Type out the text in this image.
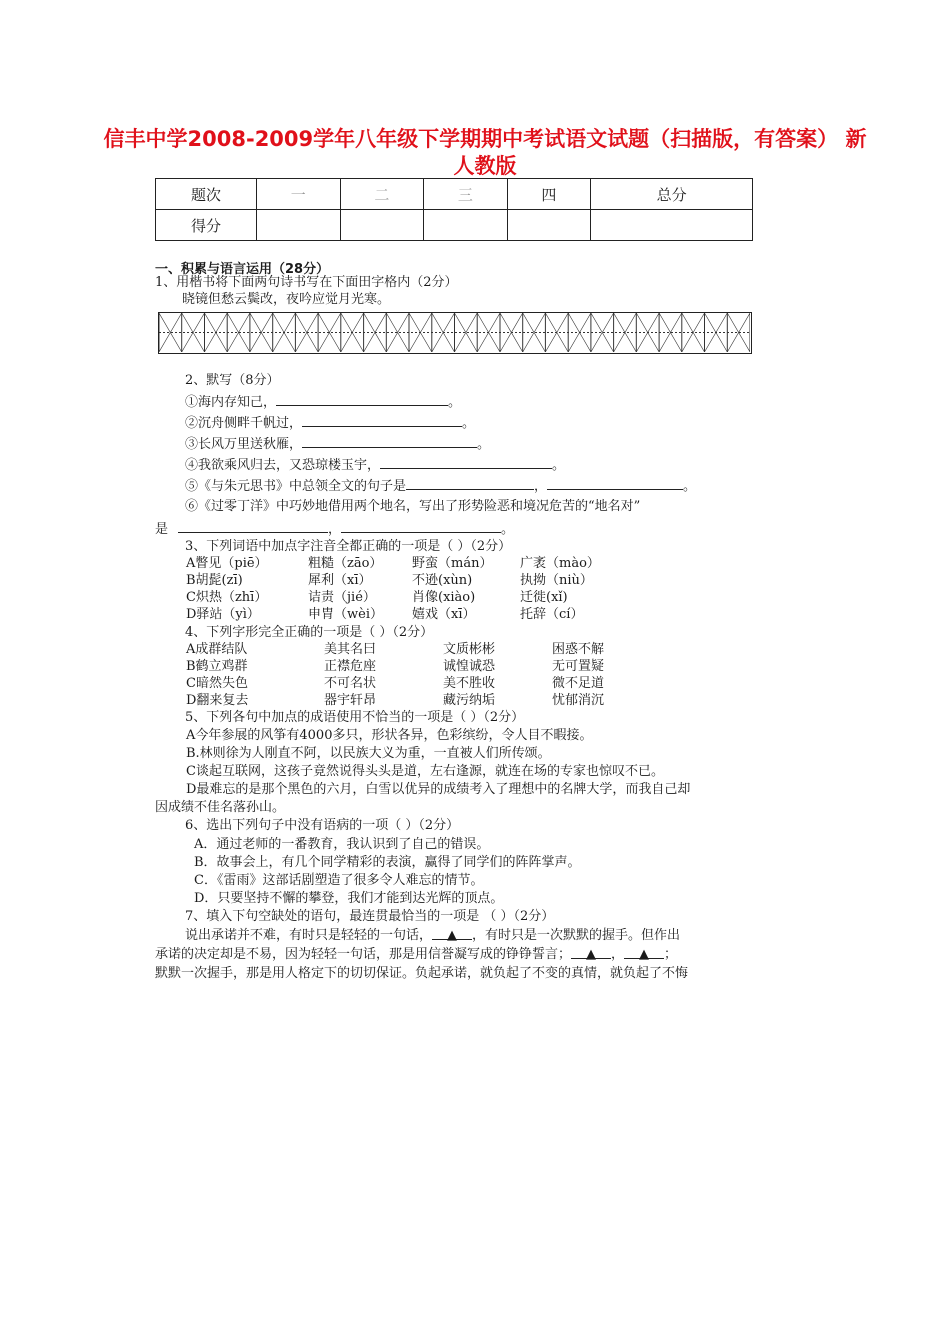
信丰中学2008-2009学年八年级下学期期中考试语文试题（扫描版，有答案） 新人教版
题次	一	二	三	四	总分
得分					
一、积累与语言运用（28分）
1、用楷书将下面两句诗书写在下面田字格内（2分）
晓镜但愁云鬓改，夜吟应觉月光寒。
2、默写（8分）
①海内存知己，	。
②沉舟侧畔千帆过，	。
③长风万里送秋雁，	。
④我欲乘风归去，又恐琼楼玉宇，	。
⑤《与朱元思书》中总领全文的句子是	，	。
⑥《过零丁洋》中巧妙地借用两个地名，写出了形势险恶和境况危苦的“地名对”
是	，	。
3、下列词语中加点字注音全都正确的一项是（ ）（2分）
A瞥见（piē）	粗糙（zāo） 野蛮（mán） 广袤（mào）
B胡髭(zī)	犀利（xī）	不逊(xùn)	执拗（niù）
C炽热（zhī）	诘责（jié）	肖像(xiào)	迁徙(xǐ)
D驿站（yì）	申胄（wèi） 嬉戏（xī）	托辞（cí）
4、下列字形完全正确的一项是（ ）（2分）
A成群结队	美其名曰	文质彬彬	困惑不解
B鹤立鸡群	正襟危座	诚惶诚恐	无可置疑
C暗然失色	不可名状	美不胜收	微不足道
D翻来复去	器宇轩昂	藏污纳垢	忧郁消沉
5、下列各句中加点的成语使用不恰当的一项是（ ）（2分）
A今年参展的风筝有4000多只，形状各异，色彩缤纷，令人目不暇接。
B.林则徐为人刚直不阿，以民族大义为重，一直被人们所传颂。
C谈起互联网，这孩子竟然说得头头是道，左右逢源，就连在场的专家也惊叹不已。
D最难忘的是那个黑色的六月，白雪以优异的成绩考入了理想中的名牌大学，而我自己却
因成绩不佳名落孙山。
6、选出下列句子中没有语病的一项（ ）（2分）
A．通过老师的一番教育，我认识到了自己的错误。
B．故事会上，有几个同学精彩的表演，赢得了同学们的阵阵掌声。
C．《雷雨》这部话剧塑造了很多令人难忘的情节。
D．只要坚持不懈的攀登，我们才能到达光辉的顶点。
7、填入下句空缺处的语句，最连贯最恰当的一项是 （ ）（2分）
说出承诺并不难，有时只是轻轻的一句话， ▲ ，有时只是一次默默的握手。但作出
承诺的决定却是不易，因为轻轻一句话，那是用信誉凝写成的铮铮誓言； ▲ ， ▲ ；
默默一次握手，那是用人格定下的切切保证。负起承诺，就负起了不变的真情，就负起了不悔
